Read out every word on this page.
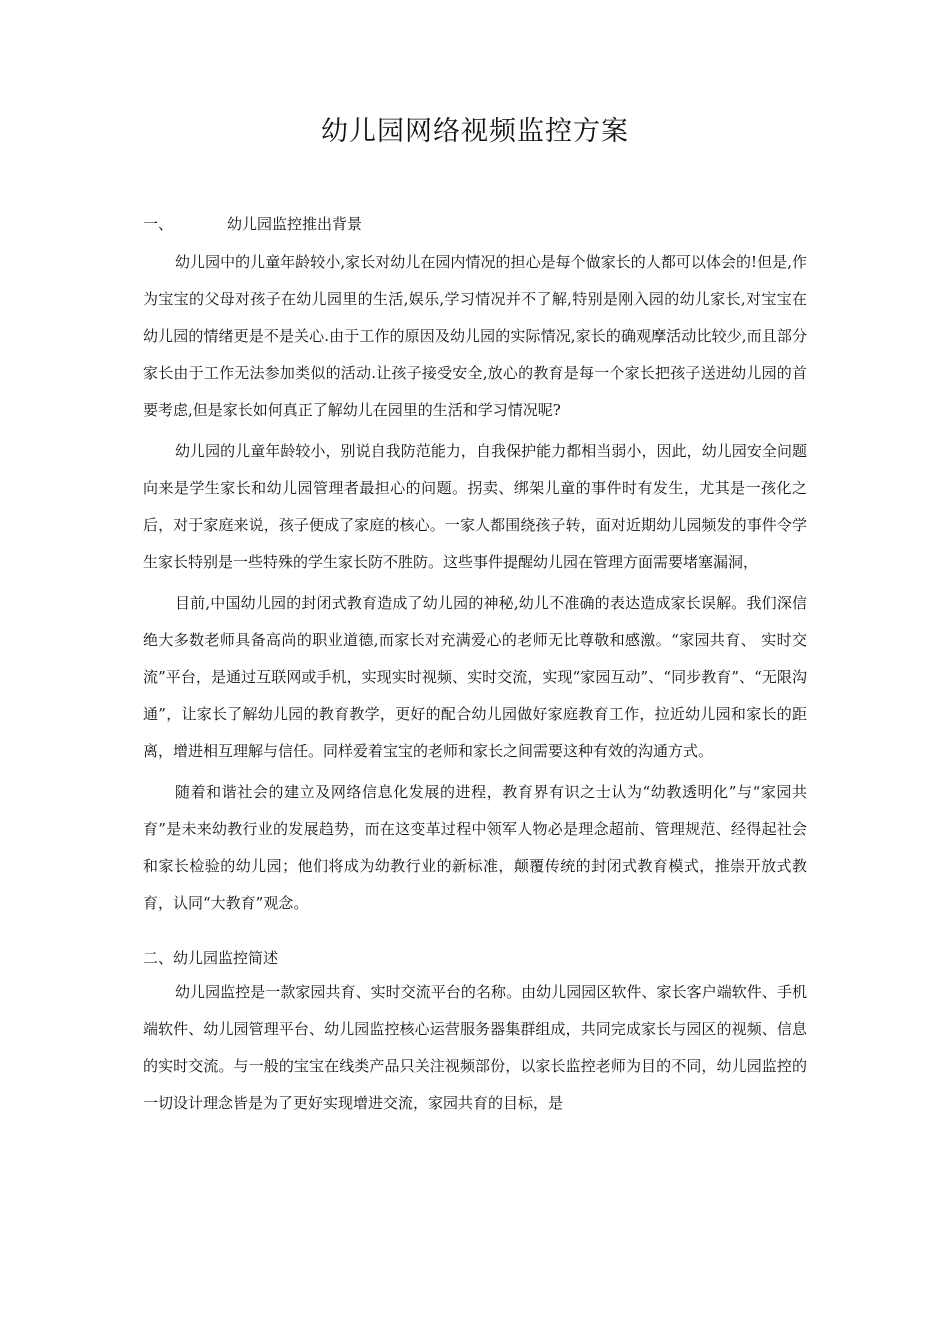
幼儿园网络视频监控方案

一、	幼儿园监控推出背景

幼儿园中的儿童年龄较小,家长对幼儿在园内情况的担心是每个做家长的人都可以体会的!但是,作为宝宝的父母对孩子在幼儿园里的生活,娱乐,学习情况并不了解,特别是刚入园的幼儿家长,对宝宝在幼儿园的情绪更是不是关心.由于工作的原因及幼儿园的实际情况,家长的确观摩活动比较少,而且部分家长由于工作无法参加类似的活动.让孩子接受安全,放心的教育是每一个家长把孩子送进幼儿园的首要考虑,但是家长如何真正了解幼儿在园里的生活和学习情况呢?

幼儿园的儿童年龄较小，别说自我防范能力，自我保护能力都相当弱小，因此，幼儿园安全问题向来是学生家长和幼儿园管理者最担心的问题。拐卖、绑架儿童的事件时有发生，尤其是一孩化之后，对于家庭来说，孩子便成了家庭的核心。一家人都围绕孩子转，面对近期幼儿园频发的事件令学生家长特别是一些特殊的学生家长防不胜防。这些事件提醒幼儿园在管理方面需要堵塞漏洞，

目前,中国幼儿园的封闭式教育造成了幼儿园的神秘,幼儿不准确的表达造成家长误解。我们深信绝大多数老师具备高尚的职业道德,而家长对充满爱心的老师无比尊敬和感激。“家园共育、 实时交流”平台，是通过互联网或手机，实现实时视频、实时交流，实现“家园互动”、“同步教育”、“无限沟通”，让家长了解幼儿园的教育教学，更好的配合幼儿园做好家庭教育工作，拉近幼儿园和家长的距离，增进相互理解与信任。同样爱着宝宝的老师和家长之间需要这种有效的沟通方式。

随着和谐社会的建立及网络信息化发展的进程，教育界有识之士认为“幼教透明化”与“家园共育”是未来幼教行业的发展趋势，而在这变革过程中领军人物必是理念超前、管理规范、经得起社会和家长检验的幼儿园；他们将成为幼教行业的新标准，颠覆传统的封闭式教育模式，推崇开放式教育，认同“大教育”观念。

二、幼儿园监控简述

幼儿园监控是一款家园共育、实时交流平台的名称。由幼儿园园区软件、家长客户端软件、手机端软件、幼儿园管理平台、幼儿园监控核心运营服务器集群组成，共同完成家长与园区的视频、信息的实时交流。与一般的宝宝在线类产品只关注视频部份，以家长监控老师为目的不同，幼儿园监控的一切设计理念皆是为了更好实现增进交流，家园共育的目标，是
